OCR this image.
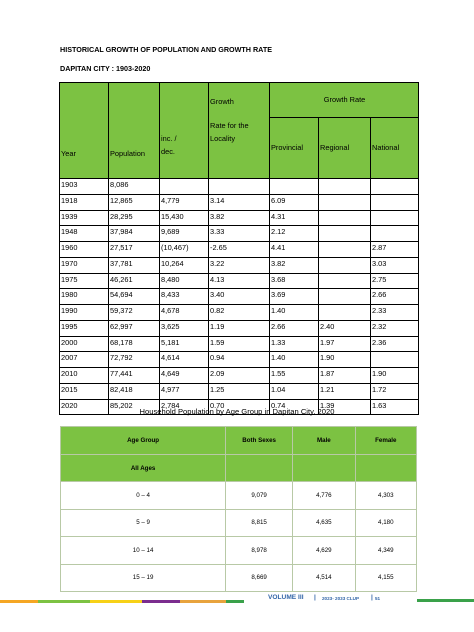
HISTORICAL GROWTH OF POPULATION AND GROWTH RATE
DAPITAN CITY : 1903-2020
Year	Population	inc. /
dec.	Growth
Rate for the
Locality	Growth Rate		
				Provincial	Regional	National
1903	8,086					
1918	12,865	4,779	3.14	6.09		
1939	28,295	15,430	3.82	4.31		
1948	37,984	9,689	3.33	2.12		
1960	27,517	(10,467)	-2.65	4.41		2.87
1970	37,781	10,264	3.22	3.82		3.03
1975	46,261	8,480	4.13	3.68		2.75
1980	54,694	8,433	3.40	3.69		2.66
1990	59,372	4,678	0.82	1.40		2.33
1995	62,997	3,625	1.19	2.66	2.40	2.32
2000	68,178	5,181	1.59	1.33	1.97	2.36
2007	72,792	4,614	0.94	1.40	1.90	
2010	77,441	4,649	2.09	1.55	1.87	1.90
2015	82,418	4,977	1.25	1.04	1.21	1.72
2020	85,202	2,784	0.70	0.74	1.39	1.63
Household Population by Age Group in Dapitan City, 2020
Age Group	Both Sexes	Male	Female
All Ages			
0 – 4	9,079	4,776	4,303
5 – 9	8,815	4,635	4,180
10 – 14	8,978	4,629	4,349
15 – 19	8,669	4,514	4,155
VOLUME III | 2023- 2033 CLUP | 51
